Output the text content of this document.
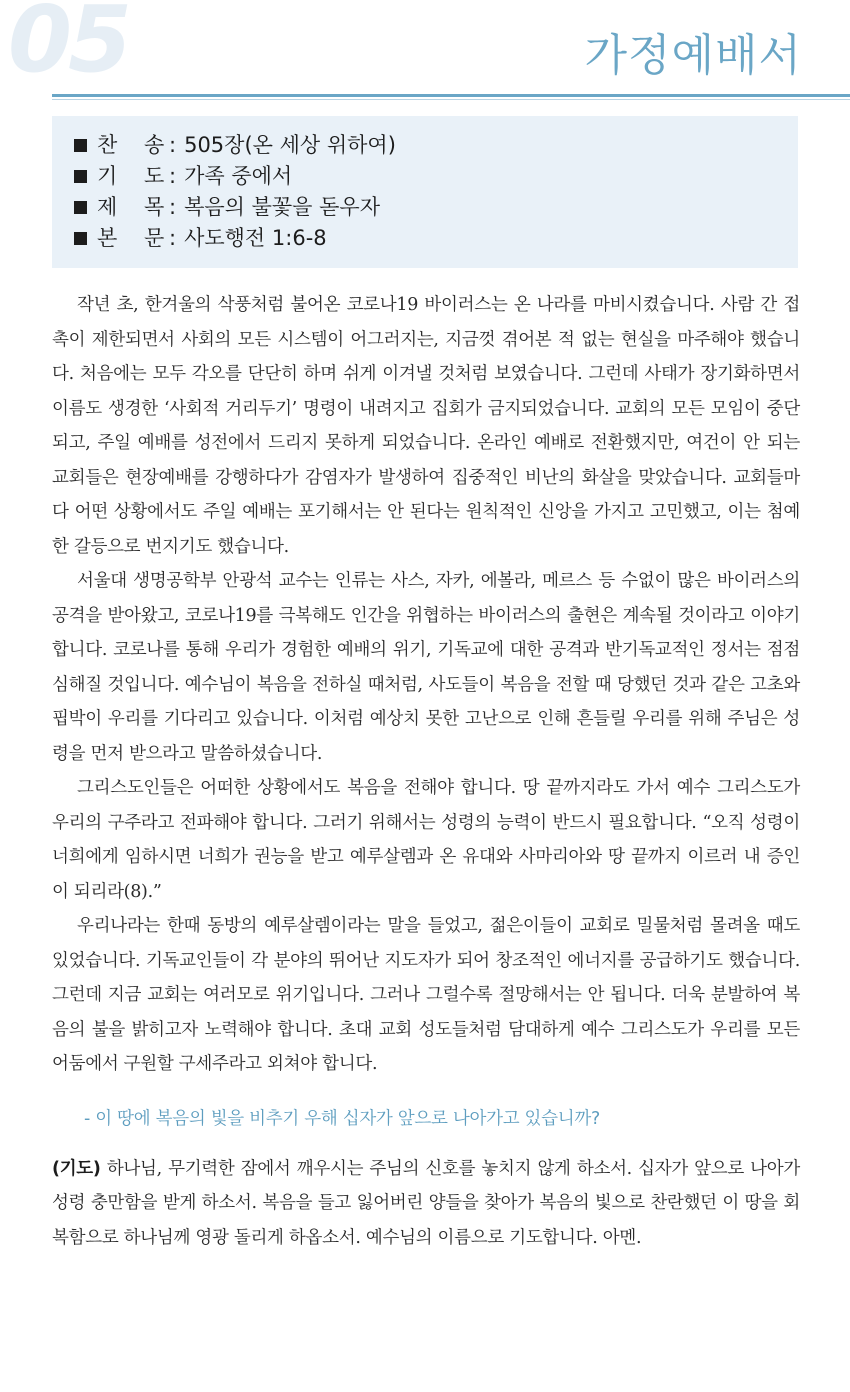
05	가정예배서
찬    송 : 505장(온 세상 위하여)
기    도 : 가족 중에서
제    목 : 복음의 불꽃을 돋우자
본    문 : 사도행전 1:6-8

작년 초, 한겨울의 삭풍처럼 불어온 코로나19 바이러스는 온 나라를 마비시켰습니다. 사람 간 접촉이 제한되면서 사회의 모든 시스템이 어그러지는, 지금껏 겪어본 적 없는 현실을 마주해야 했습니다. 처음에는 모두 각오를 단단히 하며 쉬게 이겨낼 것처럼 보였습니다. 그런데 사태가 장기화하면서 이름도 생경한 ‘사회적 거리두기’ 명령이 내려지고 집회가 금지되었습니다. 교회의 모든 모임이 중단되고, 주일 예배를 성전에서 드리지 못하게 되었습니다. 온라인 예배로 전환했지만, 여건이 안 되는 교회들은 현장예배를 강행하다가 감염자가 발생하여 집중적인 비난의 화살을 맞았습니다. 교회들마다 어떤 상황에서도 주일 예배는 포기해서는 안 된다는 원칙적인 신앙을 가지고 고민했고, 이는 첨예한 갈등으로 번지기도 했습니다.

서울대 생명공학부 안광석 교수는 인류는 사스, 자카, 에볼라, 메르스 등 수없이 많은 바이러스의 공격을 받아왔고, 코로나19를 극복해도 인간을 위협하는 바이러스의 출현은 계속될 것이라고 이야기합니다. 코로나를 통해 우리가 경험한 예배의 위기, 기독교에 대한 공격과 반기독교적인 정서는 점점 심해질 것입니다. 예수님이 복음을 전하실 때처럼, 사도들이 복음을 전할 때 당했던 것과 같은 고초와 핍박이 우리를 기다리고 있습니다. 이처럼 예상치 못한 고난으로 인해 흔들릴 우리를 위해 주님은 성령을 먼저 받으라고 말씀하셨습니다.

그리스도인들은 어떠한 상황에서도 복음을 전해야 합니다. 땅 끝까지라도 가서 예수 그리스도가 우리의 구주라고 전파해야 합니다. 그러기 위해서는 성령의 능력이 반드시 필요합니다. “오직 성령이 너희에게 임하시면 너희가 권능을 받고 예루살렘과 온 유대와 사마리아와 땅 끝까지 이르러 내 증인이 되리라(8).”

우리나라는 한때 동방의 예루살렘이라는 말을 들었고, 젊은이들이 교회로 밀물처럼 몰려올 때도 있었습니다. 기독교인들이 각 분야의 뛰어난 지도자가 되어 창조적인 에너지를 공급하기도 했습니다. 그런데 지금 교회는 여러모로 위기입니다. 그러나 그럴수록 절망해서는 안 됩니다. 더욱 분발하여 복음의 불을 밝히고자 노력해야 합니다. 초대 교회 성도들처럼 담대하게 예수 그리스도가 우리를 모든 어둠에서 구원할 구세주라고 외쳐야 합니다.

- 이 땅에 복음의 빛을 비추기 우해 십자가 앞으로 나아가고 있습니까?

(기도) 하나님, 무기력한 잠에서 깨우시는 주님의 신호를 놓치지 않게 하소서. 십자가 앞으로 나아가 성령 충만함을 받게 하소서. 복음을 들고 잃어버린 양들을 찾아가 복음의 빛으로 찬란했던 이 땅을 회복함으로 하나님께 영광 돌리게 하옵소서. 예수님의 이름으로 기도합니다. 아멘.
